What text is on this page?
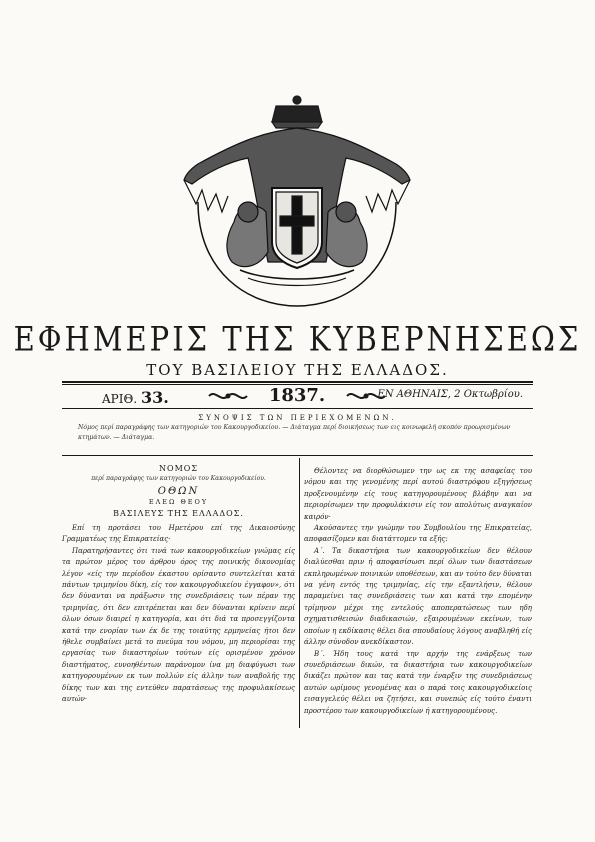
ΕΦΗΜΕΡΙΣ ΤΗΣ ΚΥΒΕΡΝΗΣΕΩΣ
ΤΟΥ ΒΑΣΙΛΕΙΟΥ ΤΗΣ ΕΛΛΑΔΟΣ.
ΑΡΙΘ. 33.	1837.	ΕΝ ΑΘΗΝΑΙΣ, 2 Οκτωβρίου.
ΣΥΝΟΨΙΣ ΤΩΝ ΠΕΡΙΕΧΟΜΕΝΩΝ.
Νόμος περί παραγράφης των κατηγοριών του Κακουργοδικείου. — Διάταγμα περί διοικήσεως των εις κοινωφελή σκοπόν προωρισμένων κτημάτων. — Διάταγμα.
ΝΟΜΟΣ
περί παραγράφης των κατηγοριών του Κακουργοδικείου.
ΟΘΩΝ
ΕΛΕΩ ΘΕΟΥ
ΒΑΣΙΛΕΥΣ ΤΗΣ ΕΛΛΑΔΟΣ.

Επί τη προτάσει του Ημετέρου επί της Δικαιοσύνης Γραμματέως της Επικρατείας·

Παρατηρήσαντες ότι τινά των κακουργοδικείων γνώμας είς τα πρώτον μέρος του άρθρου όρος της ποινικής δικονομίας λέγον «είς την περίοδον έκαστου ορίσαντο συντελείται κατά πάντων τριμηνίου δίκη, είς τον κακουργοδικείου έγγαφον», ότι δεν δύνανται να πράξωσιν της συνεδριάσεις των πέραν της τριμηνίας, ότι δεν επιτρέπεται και δεν δύνανται κρίνειν περί όλων όσων διαιρεί η κατηγορία, και ότι διά τα προσεγγίζοντα κατά την ενορίαν των έκ δε της τοιαύτης ερμηνείας ήτοι δεν ήθελε συμβαίνει μετά το πνεύμα του νόμου, μη περιορίσαι της εργασίας των δικαστηρίων τούτων είς ορισμένον χρόνον διαστήματος, ευνοηθέντων παράνομον ίνα μη διαφύγωσι των κατηγορουμένων εκ των πολλών είς άλλην των αναβολής της δίκης των και της εντεύθεν παρατάσεως της προφυλακίσεως αυτών·

Θέλοντες να διορθώσωμεν την ως εκ της ασαφείας του νόμου και της γενομένης περί αυτού διαστρόφου εξηγήσεως προξενουμένην είς τους κατηγορουμένους βλάβην και να περιορίσωμεν την προφυλάκισιν είς τον απολύτως αναγκαίον καιρόν·

Ακούσαντες την γνώμην του Συμβουλίου της Επικρατείας, αποφασίζομεν και διατάττομεν τα εξής:

Α΄. Τα δικαστήρια των κακουργοδικείων δεν θέλουν διαλύεσθαι πριν ή αποφασίσωσι περί όλων των διαστάσεων εκπληρωμένων ποινικών υποθέσεων, και αν τούτο δεν δύναται να γένη εντός της τριμηνίας, είς την εξαντλήσιν, θέλουν παραμείνει τας συνεδριάσεις των και κατά την επομένην τρίμηνον μέχρι της εντελούς αποπερατώσεως των ηδη σχηματισθεισών διαδικασιών, εξαιρουμένων εκείνων, των οποίων η εκδίκασις θέλει δια σπουδαίους λόγους αναβληθή είς άλλην σύνοδον ανεκδίκαστον.

Β΄. Ήδη τους κατά την αρχήν της ενάρξεως των συνεδριάσεων δικών, τα δικαστήρια των κακουργοδικείων δικάζει πρώτον και τας κατά την έναρξιν της συνεδριάσεως αυτών ωρίμους γενομένας και ο παρά τοις κακουργοδικείοις εισαγγελεύς θέλει να ζητήσει, και συνεπώς είς τούτο έναντι προστέρου των κακουργοδικείων ή κατηγορουμένους.
